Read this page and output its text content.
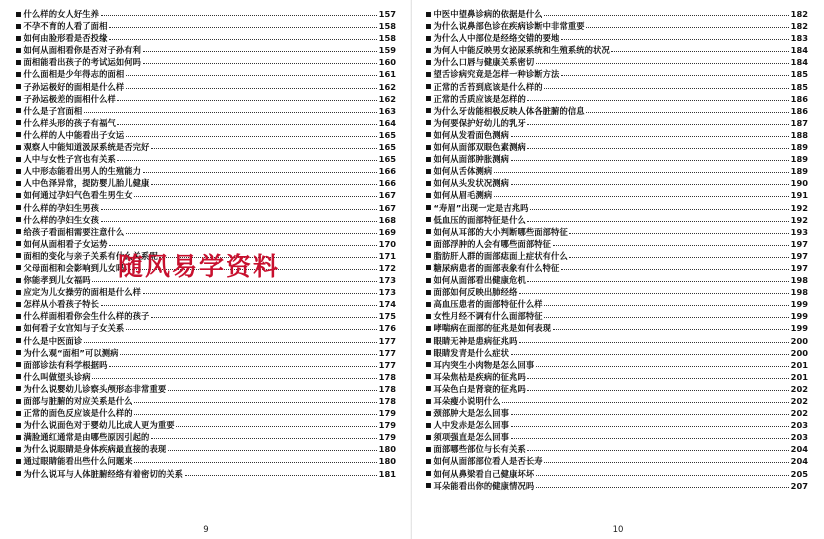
什么样的女人好生养	157
不孕不育的人看了面相	158
如何由脸形看是否投缘	158
如何从面相看你是否对子孙有利	159
面相能看出孩子的考试运如何吗	160
什么面相是少年得志的面相	161
子孙运极好的面相是什么样	162
子孙运极差的面相什么样	162
什么是子宫面相	163
什么样头形的孩子有福气	164
什么样的人中能看出子女运	165
观察人中能知道汲尿系统是否完好	165
人中与女性子宫也有关系	165
人中形态能看出男人的生殖能力	166
人中色泽异常，提防婴儿胎儿健康	166
如何通过孕妇气色看生男生女	167
什么样的孕妇生男孩	167
什么样的孕妇生女孩	168
给孩子看面相需要注意什么	169
如何从面相看子女运势	170
面相的变化与亲子关系有什么关系呢	171
父母面相和会影响到儿女吗	172
你能孝到儿女福吗	173
应定为儿女操劳的面相是什么样	173
怎样从小看孩子特长	174
什么样面相看你会生什么样的孩子	175
如何看子女宫知与子女关系	176
什么是中医面诊	177
为什么观“面相”可以测病	177
面部诊法有科学根据吗	177
什么叫做望头诊病	178
为什么说婴幼儿诊察头颅形态非常重要	178
面部与脏腑的对应关系是什么	178
正常的面色反应该是什么样的	179
为什么说面色对于婴幼儿比成人更为重要	179
满脸通红通常是由哪些原因引起的	179
为什么说眼睛是身体疾病最直接的表现	180
通过眼睛能看出些什么问题来	180
为什么说耳与人体脏腑经络有着密切的关系	181
9
中医中望鼻诊病的依据是什么	182
为什么说鼻部色诊在疾病诊断中非常重要	182
为什么人中部位是经络交错的要地	183
为何人中能反映男女泌尿系统和生殖系统的状况	184
为什么口唇与健康关系密切	184
望舌诊病究竟是怎样一种诊断方法	185
正常的舌苔到底该是什么样的	185
正常的舌质应该是怎样的	186
为什么牙齿能相极反映人体各脏腑的信息	186
为何要保护好幼儿的乳牙	187
如何从发看面色测病	188
如何从面部双眼色素测病	189
如何从面部肿胀测病	189
如何从舌体测病	189
如何从头发状况测病	190
如何从眉毛测病	191
“寿眉”出现一定是吉兆吗	192
低血压的面部特征是什么	192
如何从耳部的大小判断哪些面部特征	193
面部浮肿的人会有哪些面部特征	197
脂肪肝人群的面部痣面上症状有什么	197
糖尿病患者的面部表象有什么特征	197
如何从面部看出健康危机	198
面部如何反映出肺经络	198
高血压患者的面部特征什么样	199
女性月经不调有什么面部特征	199
哮喘病在面部的征兆是如何表现	199
眼睛无神是患病征兆吗	200
眼睛发青是什么症状	200
耳内突生小肉物是怎么回事	201
耳朵焦枯是疾病的征兆吗	201
耳朵色白是肾衰的征兆吗	202
耳朵瘦小说明什么	202
颈部肿大是怎么回事	202
人中发赤是怎么回事	203
须项强直是怎么回事	203
面部哪些部位与长有关系	204
如何从面部部位看人是否长寿	204
如何从鼻梁看自己健康坏坏	205
耳朵能看出你的健康情况吗	207
10
随风易学资料
